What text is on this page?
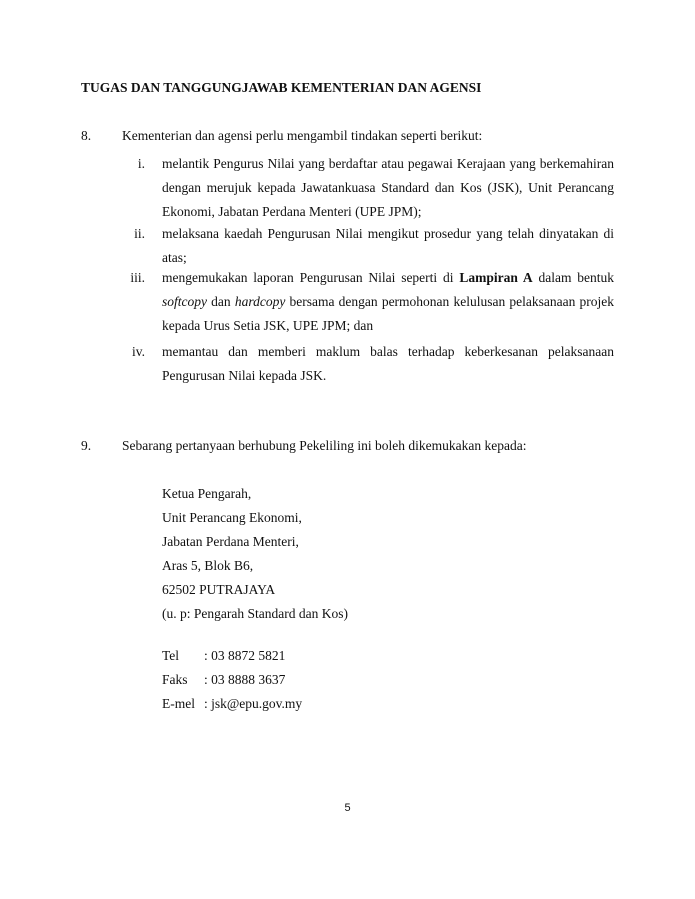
TUGAS DAN TANGGUNGJAWAB KEMENTERIAN DAN AGENSI
8. Kementerian dan agensi perlu mengambil tindakan seperti berikut:
i. melantik Pengurus Nilai yang berdaftar atau pegawai Kerajaan yang berkemahiran
dengan merujuk kepada Jawatankuasa Standard dan Kos (JSK), Unit Perancang
Ekonomi, Jabatan Perdana Menteri (UPE JPM);
ii. melaksana kaedah Pengurusan Nilai mengikut prosedur yang telah dinyatakan di
atas;
iii. mengemukakan laporan Pengurusan Nilai seperti di Lampiran A dalam bentuk
softcopy dan hardcopy bersama dengan permohonan kelulusan pelaksanaan projek
kepada Urus Setia JSK, UPE JPM; dan
iv. memantau dan memberi maklum balas terhadap keberkesanan pelaksanaan
Pengurusan Nilai kepada JSK.
9. Sebarang pertanyaan berhubung Pekeliling ini boleh dikemukakan kepada:
Ketua Pengarah,
Unit Perancang Ekonomi,
Jabatan Perdana Menteri,
Aras 5, Blok B6,
62502 PUTRAJAYA
(u. p: Pengarah Standard dan Kos)
Tel : 03 8872 5821
Faks : 03 8888 3637
E-mel : jsk@epu.gov.my
5
